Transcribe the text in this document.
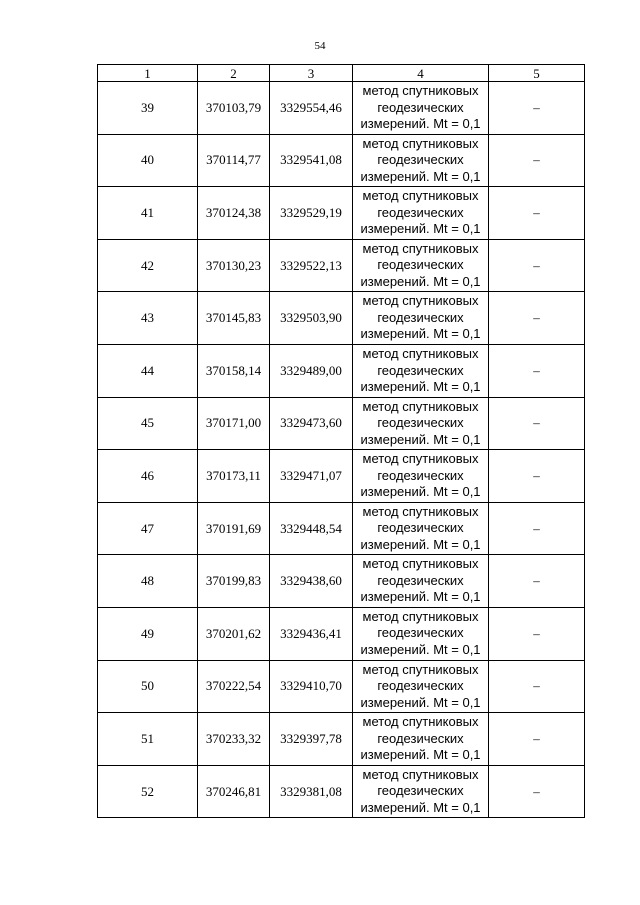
54
1	2	3	4	5
39	370103,79	3329554,46	метод спутниковых
геодезических
измерений. Mt = 0,1	–
40	370114,77	3329541,08	метод спутниковых
геодезических
измерений. Mt = 0,1	–
41	370124,38	3329529,19	метод спутниковых
геодезических
измерений. Mt = 0,1	–
42	370130,23	3329522,13	метод спутниковых
геодезических
измерений. Mt = 0,1	–
43	370145,83	3329503,90	метод спутниковых
геодезических
измерений. Mt = 0,1	–
44	370158,14	3329489,00	метод спутниковых
геодезических
измерений. Mt = 0,1	–
45	370171,00	3329473,60	метод спутниковых
геодезических
измерений. Mt = 0,1	–
46	370173,11	3329471,07	метод спутниковых
геодезических
измерений. Mt = 0,1	–
47	370191,69	3329448,54	метод спутниковых
геодезических
измерений. Mt = 0,1	–
48	370199,83	3329438,60	метод спутниковых
геодезических
измерений. Mt = 0,1	–
49	370201,62	3329436,41	метод спутниковых
геодезических
измерений. Mt = 0,1	–
50	370222,54	3329410,70	метод спутниковых
геодезических
измерений. Mt = 0,1	–
51	370233,32	3329397,78	метод спутниковых
геодезических
измерений. Mt = 0,1	–
52	370246,81	3329381,08	метод спутниковых
геодезических
измерений. Mt = 0,1	–
